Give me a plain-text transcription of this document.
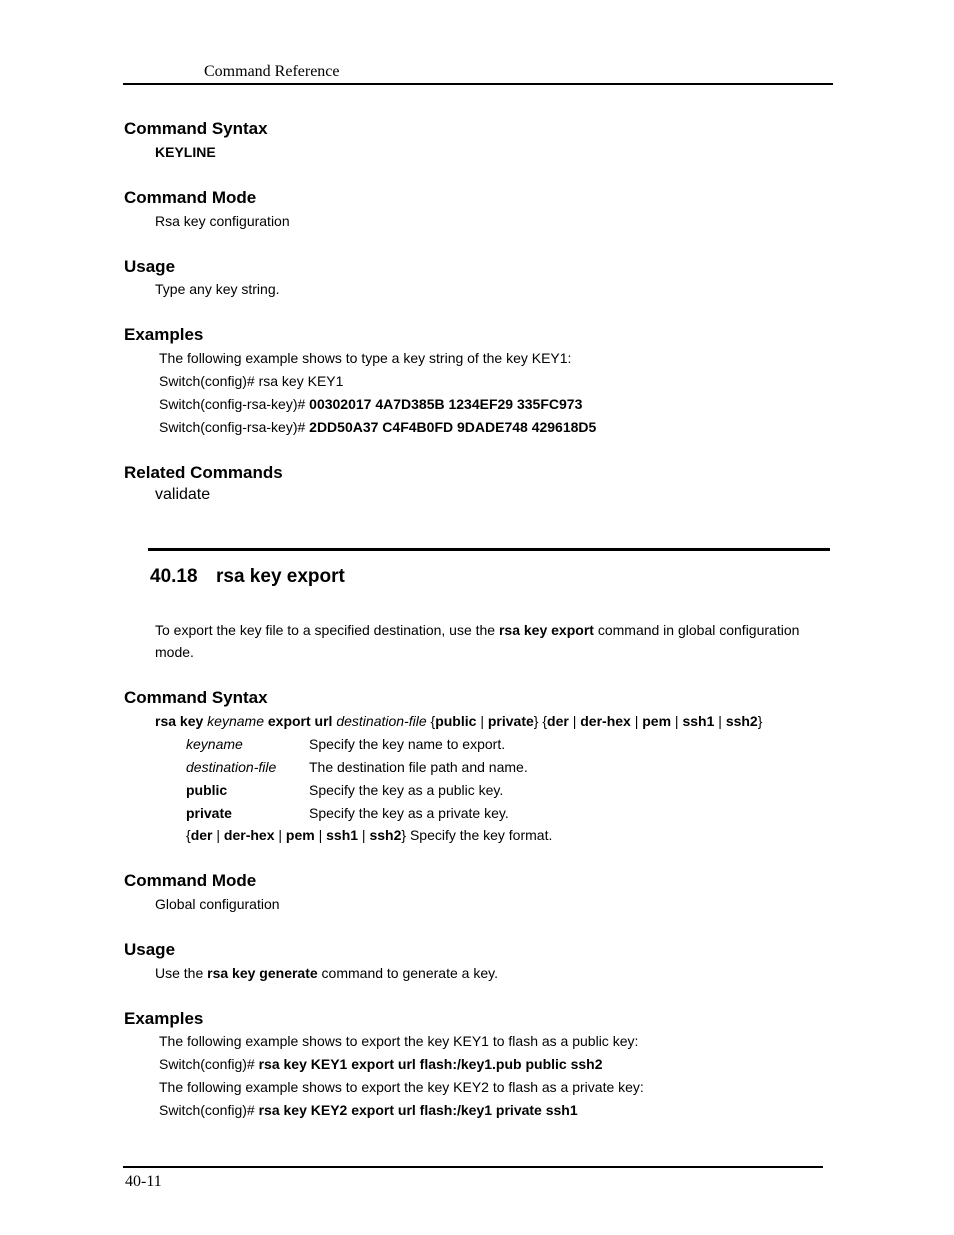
Command Reference
Command Syntax
KEYLINE
Command Mode
Rsa key configuration
Usage
Type any key string.
Examples
The following example shows to type a key string of the key KEY1:
Switch(config)# rsa key KEY1
Switch(config-rsa-key)# 00302017 4A7D385B 1234EF29 335FC973
Switch(config-rsa-key)# 2DD50A37 C4F4B0FD 9DADE748 429618D5
Related Commands
validate
40.18 rsa key export
To export the key file to a specified destination, use the rsa key export command in global configuration
mode.
Command Syntax
rsa key keyname export url destination-file {public | private} {der | der-hex | pem | ssh1 | ssh2}
keyname	Specify the key name to export.
destination-file The destination file path and name.
public	Specify the key as a public key.
private	Specify the key as a private key.
{der | der-hex | pem | ssh1 | ssh2} Specify the key format.
Command Mode
Global configuration
Usage
Use the rsa key generate command to generate a key.
Examples
The following example shows to export the key KEY1 to flash as a public key:
Switch(config)# rsa key KEY1 export url flash:/key1.pub public ssh2
The following example shows to export the key KEY2 to flash as a private key:
Switch(config)# rsa key KEY2 export url flash:/key1 private ssh1
40-11
